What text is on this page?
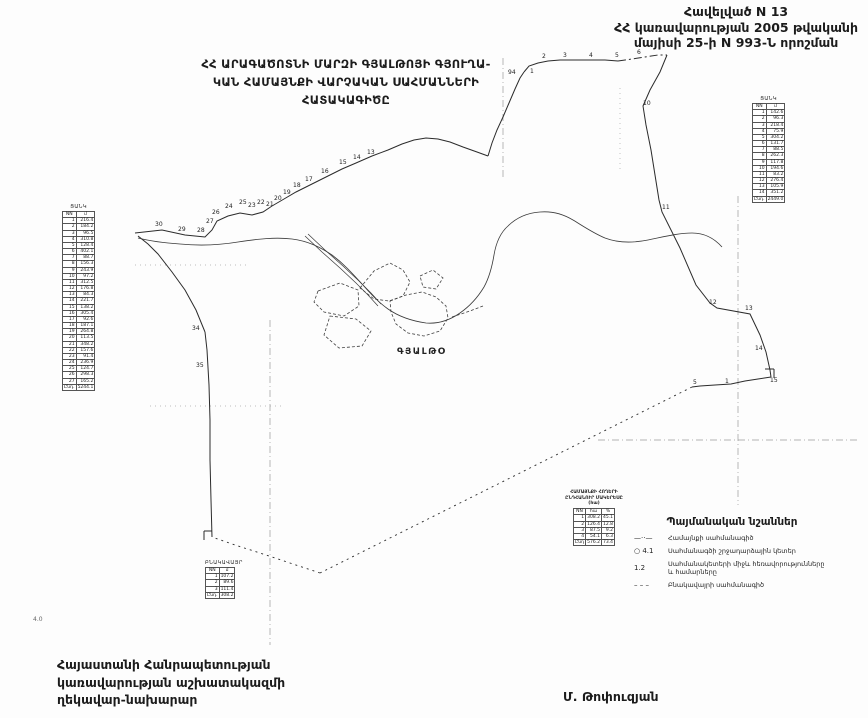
Հավելված N 13
ՀՀ կառավարության 2005 թվականի
մայիսի 25-ի N 993-Ն որոշման
ՀՀ ԱՐԱԳԱԾՈՏՆԻ ՄԱՐԶԻ ԳՅԱԼԹՈՅԻ ԳՅՈՒՂԱ-
ԿԱՆ ՀԱՄԱՅՆՔԻ ՎԱՐՉԱԿԱՆ ՍԱՀՄԱՆՆԵՐԻ
ՀԱՏԱԿԱԳԻԾԸ
94 1
2	3	4	5	6
10
11
12
13
14
15
1
5
30
29 28
27
26
24
25 23 22 21
20
19
18
17
16
15
14
13
34
35
ԳՅԱԼԹՕ
4.0
ՑԱՆԿ
NN	մ
1	216.4
2	184.2
3	96.5
4	310.8
5	128.4
6	402.1
7	88.7
8	156.3
9	243.9
10	97.2
11	312.5
12	176.8
13	84.3
14	221.7
15	138.2
16	305.4
17	92.6
18	187.1
19	264.8
20	113.5
21	348.2
22	157.6
23	91.4
24	236.9
25	124.7
26	298.3
27	165.2
Ընդ.	5244.1
ՑԱՆԿ
NN	մ
1	142.6
2	96.3
3	218.4
4	75.9
5	304.2
6	131.7
7	88.5
8	262.3
9	117.8
10	194.6
11	83.2
12	276.4
13	105.9
14	351.2
Ընդ.	2449.0
ԲՆԱԿԱՎԱՅՐ
NN	մ
1	107.2
2	89.6
3	111.4
Ընդ.	308.2
ՀԱՄԱՅՆՔԻ ՀՈՂԵՐԻ
ԸՆԴՀԱՆՈՒՐ ՄԱԿԵՐԵՍԸ
(հա)
NN	հա	%
1	308.2	45.1
2	126.4	12.8
3	87.5	9.2
4	54.1	6.3
Ընդ	576.2	73.4
Պայմանական նշաններ
—··—	Համայնքի սահմանագիծ
○ 4.1	Սահմանագծի շրջադարձային կետեր
1.2	Սահմանակետերի միջև հեռավորությունները և համարները
– – –	Բնակավայրի սահմանագիծ
Հայաստանի Հանրապետության
կառավարության աշխատակազմի
ղեկավար-նախարար	Մ. Թոփուզյան
